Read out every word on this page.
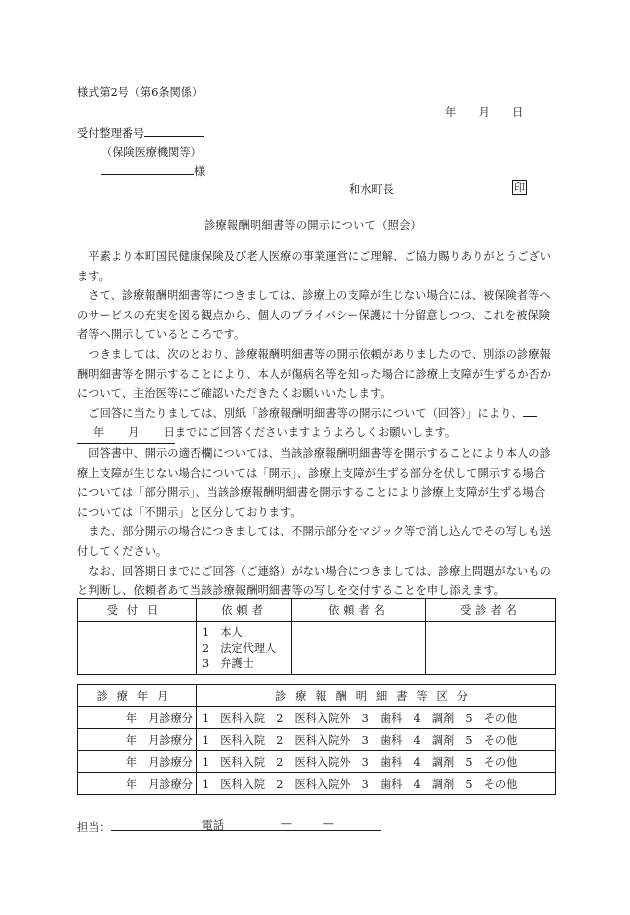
様式第2号（第6条関係）
年　　月　　日
受付整理番号
（保険医療機関等）
様
和水町長	印
診療報酬明細書等の開示について（照会）

　平素より本町国民健康保険及び老人医療の事業運営にご理解、ご協力賜りありがとうございます。

　さて、診療報酬明細書等につきましては、診療上の支障が生じない場合には、被保険者等へのサービスの充実を図る観点から、個人のプライバシー保護に十分留意しつつ、これを被保険者等へ開示しているところです。

　つきましては、次のとおり、診療報酬明細書等の開示依頼がありましたので、別添の診療報酬明細書等を開示することにより、本人が傷病名等を知った場合に診療上支障が生ずるか否かについて、主治医等にご確認いただきたくお願いいたします。

　ご回答に当たりましては、別紙「診療報酬明細書等の開示について（回答）」により、
年 月 日までにご回答くださいますようよろしくお願いします。

　回答書中、開示の適否欄については、当該診療報酬明細書等を開示することにより本人の診療上支障が生じない場合については「開示」、診療上支障が生ずる部分を伏して開示する場合については「部分開示」、当該診療報酬明細書を開示することにより診療上支障が生ずる場合については「不開示」と区分しております。

　また、部分開示の場合につきましては、不開示部分をマジック等で消し込んでその写しも送付してください。

　なお、回答期日までにご回答（ご連絡）がない場合につきましては、診療上問題がないものと判断し、依頼者あて当該診療報酬明細書等の写しを交付することを申し添えます。

受付日	依頼者	依頼者名	受診者名

	1　本人
2　法定代理人
3　弁護士		

診療年月	診療報酬明細書等区分
年　月診療分	1　医科入院　2　医科入院外　3　歯科　4　調剤　5　その他
年　月診療分	1　医科入院　2　医科入院外　3　歯科　4　調剤　5　その他
年　月診療分	1　医科入院　2　医科入院外　3　歯科　4　調剤　5　その他
年　月診療分	1　医科入院　2　医科入院外　3　歯科　4　調剤　5　その他
担当：	電話	—	—
